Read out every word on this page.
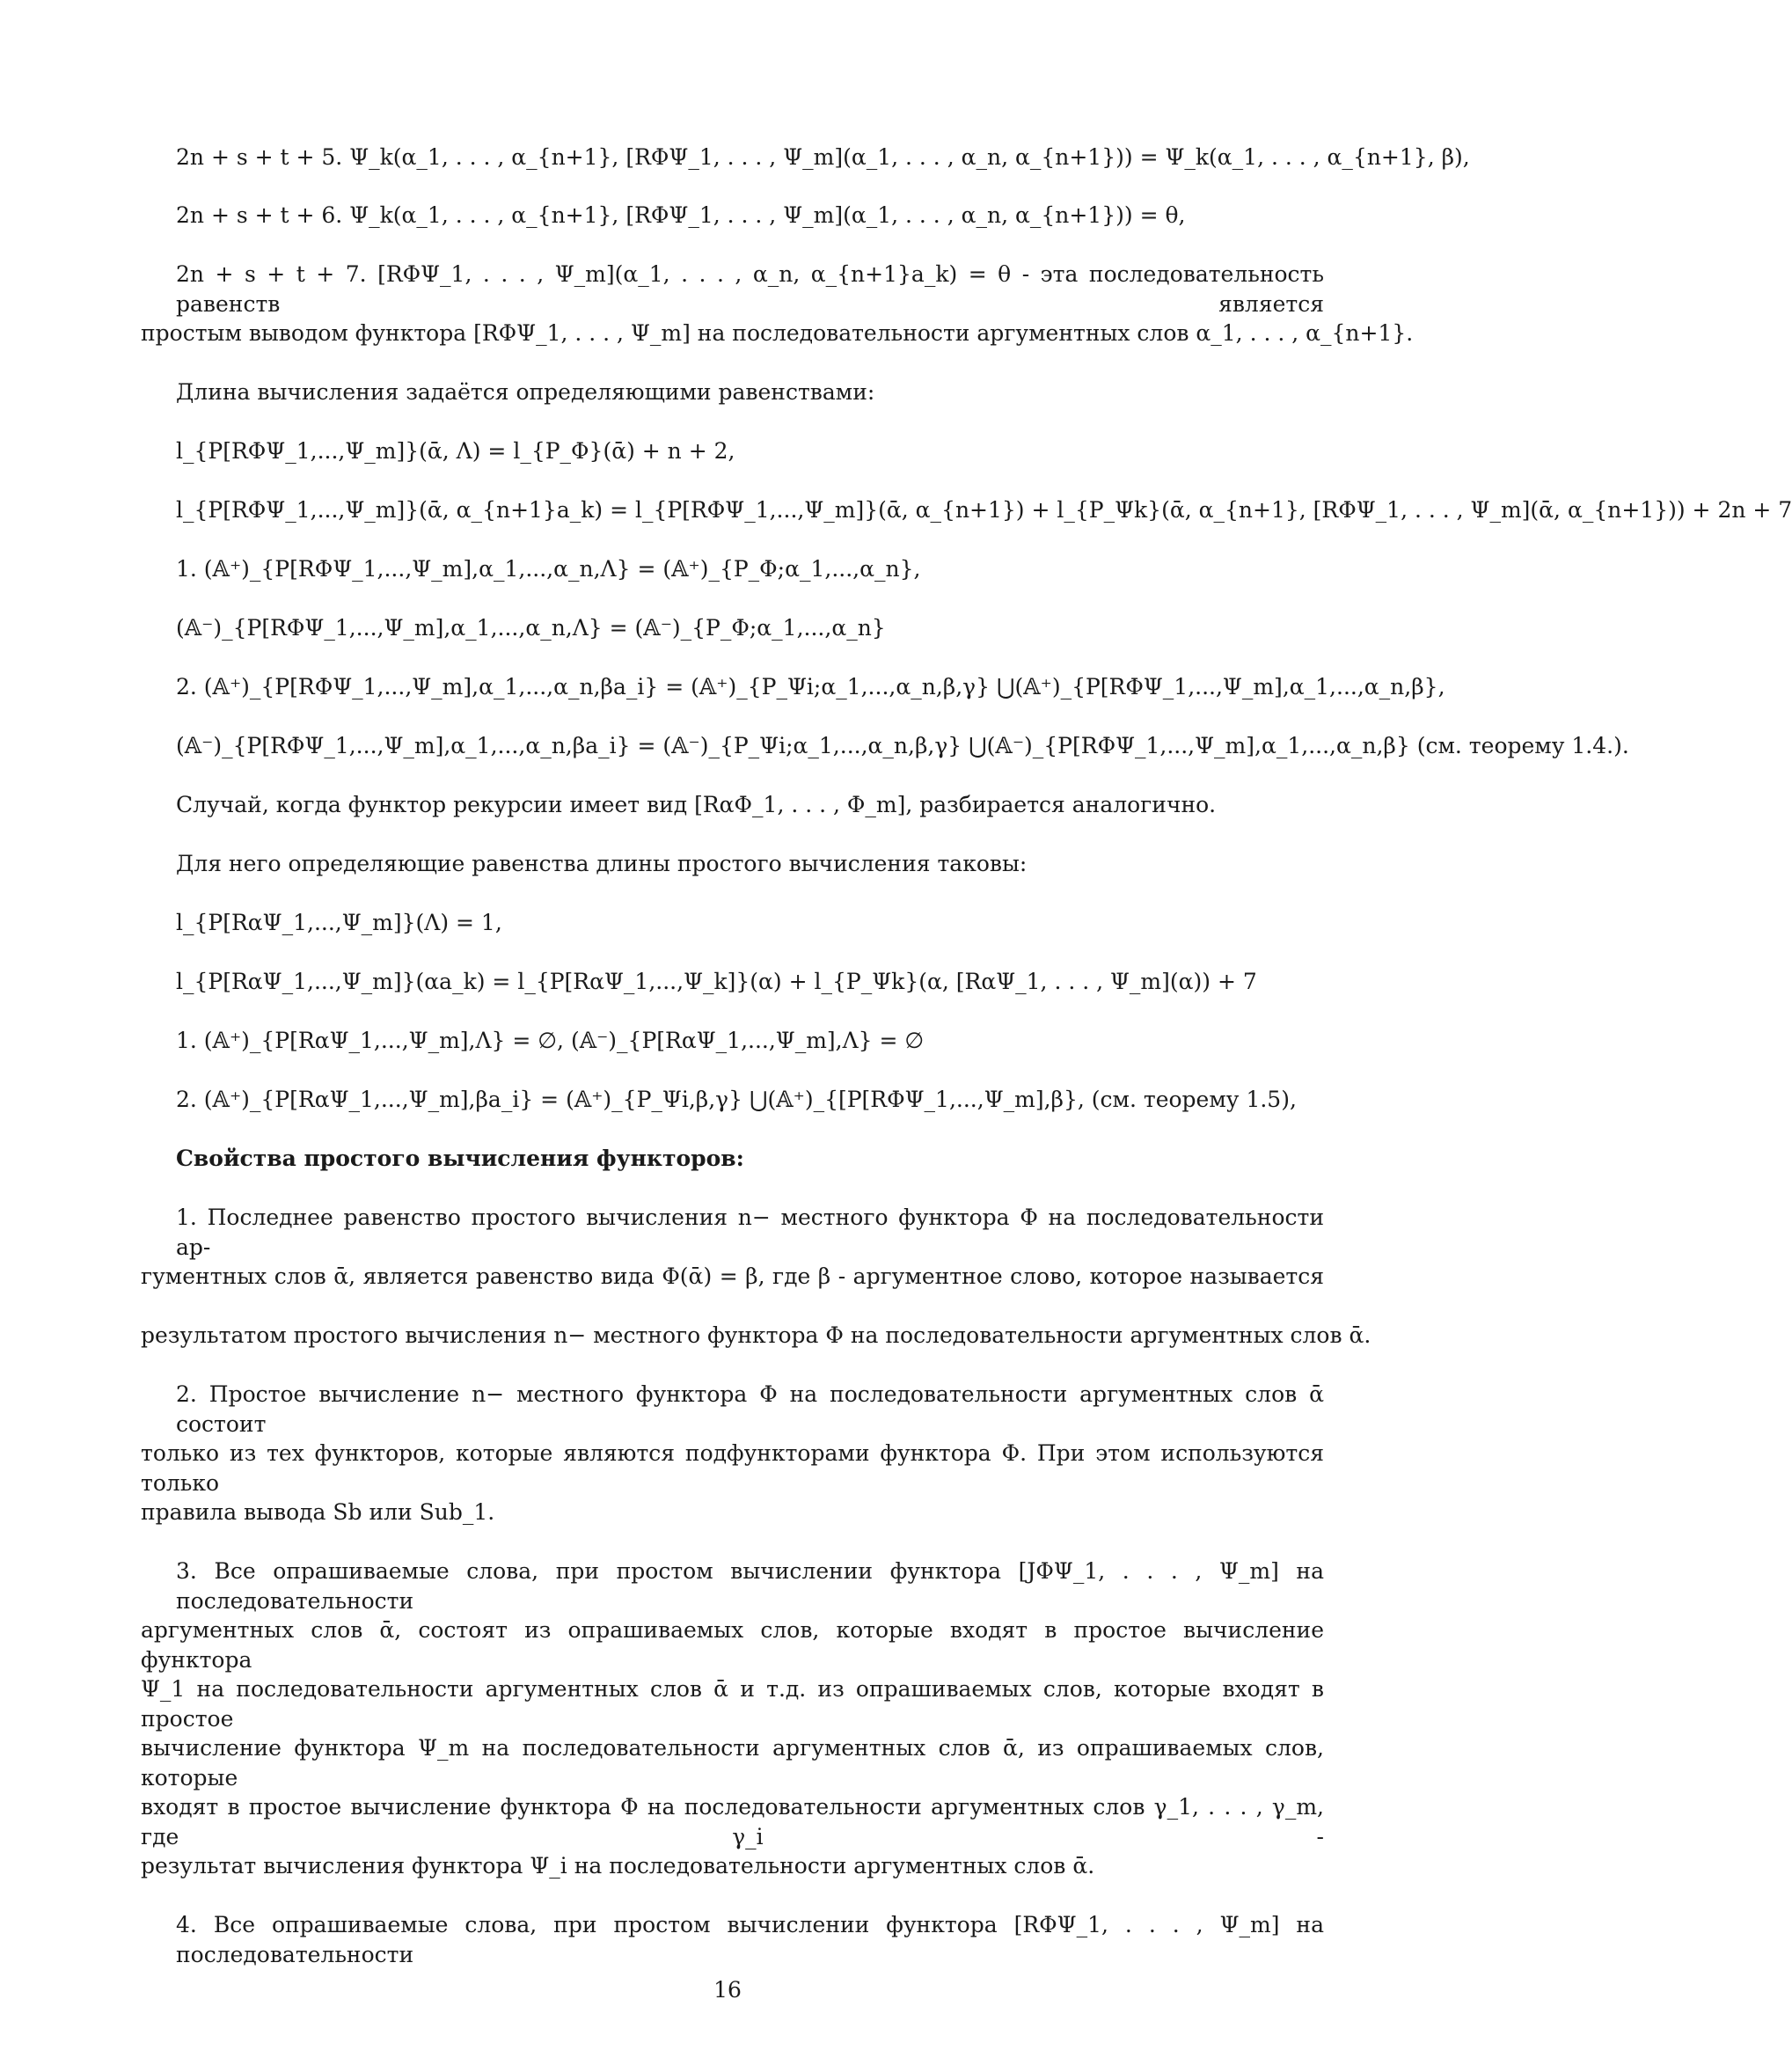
2n + s + t + 5. Ψ_k(α_1, . . . , α_{n+1}, [RΦΨ_1, . . . , Ψ_m](α_1, . . . , α_n, α_{n+1})) = Ψ_k(α_1, . . . , α_{n+1}, β),
2n + s + t + 6. Ψ_k(α_1, . . . , α_{n+1}, [RΦΨ_1, . . . , Ψ_m](α_1, . . . , α_n, α_{n+1})) = θ,
2n + s + t + 7. [RΦΨ_1, . . . , Ψ_m](α_1, . . . , α_n, α_{n+1}a_k) = θ - эта последовательность равенств является
простым выводом функтора [RΦΨ_1, . . . , Ψ_m] на последовательности аргументных слов α_1, . . . , α_{n+1}.
Длина вычисления задаётся определяющими равенствами:
l_{P[RΦΨ_1,...,Ψ_m]}(ᾱ, Λ) = l_{P_Φ}(ᾱ) + n + 2,
l_{P[RΦΨ_1,...,Ψ_m]}(ᾱ, α_{n+1}a_k) = l_{P[RΦΨ_1,...,Ψ_m]}(ᾱ, α_{n+1}) + l_{P_Ψk}(ᾱ, α_{n+1}, [RΦΨ_1, . . . , Ψ_m](ᾱ, α_{n+1})) + 2n + 7
1. (𝔸⁺)_{P[RΦΨ_1,...,Ψ_m],α_1,...,α_n,Λ} = (𝔸⁺)_{P_Φ;α_1,...,α_n},
(𝔸⁻)_{P[RΦΨ_1,...,Ψ_m],α_1,...,α_n,Λ} = (𝔸⁻)_{P_Φ;α_1,...,α_n}
2. (𝔸⁺)_{P[RΦΨ_1,...,Ψ_m],α_1,...,α_n,βa_i} = (𝔸⁺)_{P_Ψi;α_1,...,α_n,β,γ} ⋃(𝔸⁺)_{P[RΦΨ_1,...,Ψ_m],α_1,...,α_n,β},
(𝔸⁻)_{P[RΦΨ_1,...,Ψ_m],α_1,...,α_n,βa_i} = (𝔸⁻)_{P_Ψi;α_1,...,α_n,β,γ} ⋃(𝔸⁻)_{P[RΦΨ_1,...,Ψ_m],α_1,...,α_n,β} (см. теорему 1.4.).
Случай, когда функтор рекурсии имеет вид [RαΦ_1, . . . , Φ_m], разбирается аналогично.
Для него определяющие равенства длины простого вычисления таковы:
l_{P[RαΨ_1,...,Ψ_m]}(Λ) = 1,
l_{P[RαΨ_1,...,Ψ_m]}(αa_k) = l_{P[RαΨ_1,...,Ψ_k]}(α) + l_{P_Ψk}(α, [RαΨ_1, . . . , Ψ_m](α)) + 7
1. (𝔸⁺)_{P[RαΨ_1,...,Ψ_m],Λ} = ∅, (𝔸⁻)_{P[RαΨ_1,...,Ψ_m],Λ} = ∅
2. (𝔸⁺)_{P[RαΨ_1,...,Ψ_m],βa_i} = (𝔸⁺)_{P_Ψi,β,γ} ⋃(𝔸⁺)_{[P[RΦΨ_1,...,Ψ_m],β}, (см. теорему 1.5),
Свойства простого вычисления функторов:
1. Последнее равенство простого вычисления n− местного функтора Φ на последовательности ар-
гументных слов ᾱ, является равенство вида Φ(ᾱ) = β, где β - аргументное слово, которое называется
результатом простого вычисления n− местного функтора Φ на последовательности аргументных слов ᾱ.
2. Простое вычисление n− местного функтора Φ на последовательности аргументных слов ᾱ состоит
только из тех функторов, которые являются подфункторами функтора Φ. При этом используются только
правила вывода Sb или Sub_1.
3. Все опрашиваемые слова, при простом вычислении функтора [JΦΨ_1, . . . , Ψ_m] на последовательности
аргументных слов ᾱ, состоят из опрашиваемых слов, которые входят в простое вычисление функтора
Ψ_1 на последовательности аргументных слов ᾱ и т.д. из опрашиваемых слов, которые входят в простое
вычисление функтора Ψ_m на последовательности аргументных слов ᾱ, из опрашиваемых слов, которые
входят в простое вычисление функтора Φ на последовательности аргументных слов γ_1, . . . , γ_m, где γ_i -
результат вычисления функтора Ψ_i на последовательности аргументных слов ᾱ.
4. Все опрашиваемые слова, при простом вычислении функтора [RΦΨ_1, . . . , Ψ_m] на последовательности
16
